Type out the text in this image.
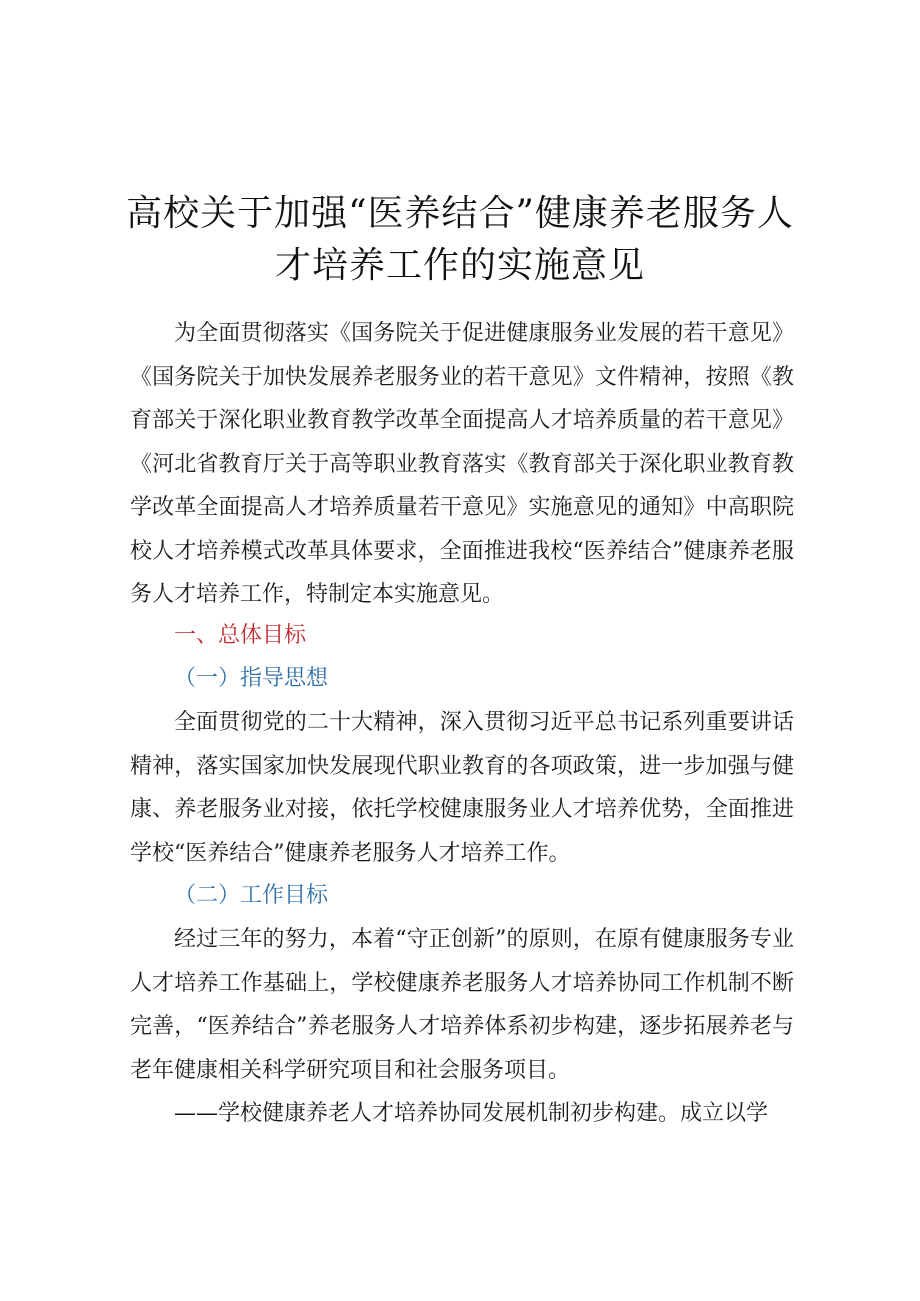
高校关于加强“医养结合”健康养老服务人才培养工作的实施意见

为全面贯彻落实《国务院关于促进健康服务业发展的若干意见》《国务院关于加快发展养老服务业的若干意见》文件精神，按照《教育部关于深化职业教育教学改革全面提高人才培养质量的若干意见》《河北省教育厅关于高等职业教育落实《教育部关于深化职业教育教学改革全面提高人才培养质量若干意见》实施意见的通知》中高职院校人才培养模式改革具体要求，全面推进我校“医养结合”健康养老服务人才培养工作，特制定本实施意见。

一、总体目标

（一）指导思想

全面贯彻党的二十大精神，深入贯彻习近平总书记系列重要讲话精神，落实国家加快发展现代职业教育的各项政策，进一步加强与健康、养老服务业对接，依托学校健康服务业人才培养优势，全面推进学校“医养结合”健康养老服务人才培养工作。

（二）工作目标

经过三年的努力，本着“守正创新”的原则，在原有健康服务专业人才培养工作基础上，学校健康养老服务人才培养协同工作机制不断完善，“医养结合”养老服务人才培养体系初步构建，逐步拓展养老与老年健康相关科学研究项目和社会服务项目。

——学校健康养老人才培养协同发展机制初步构建。成立以学
